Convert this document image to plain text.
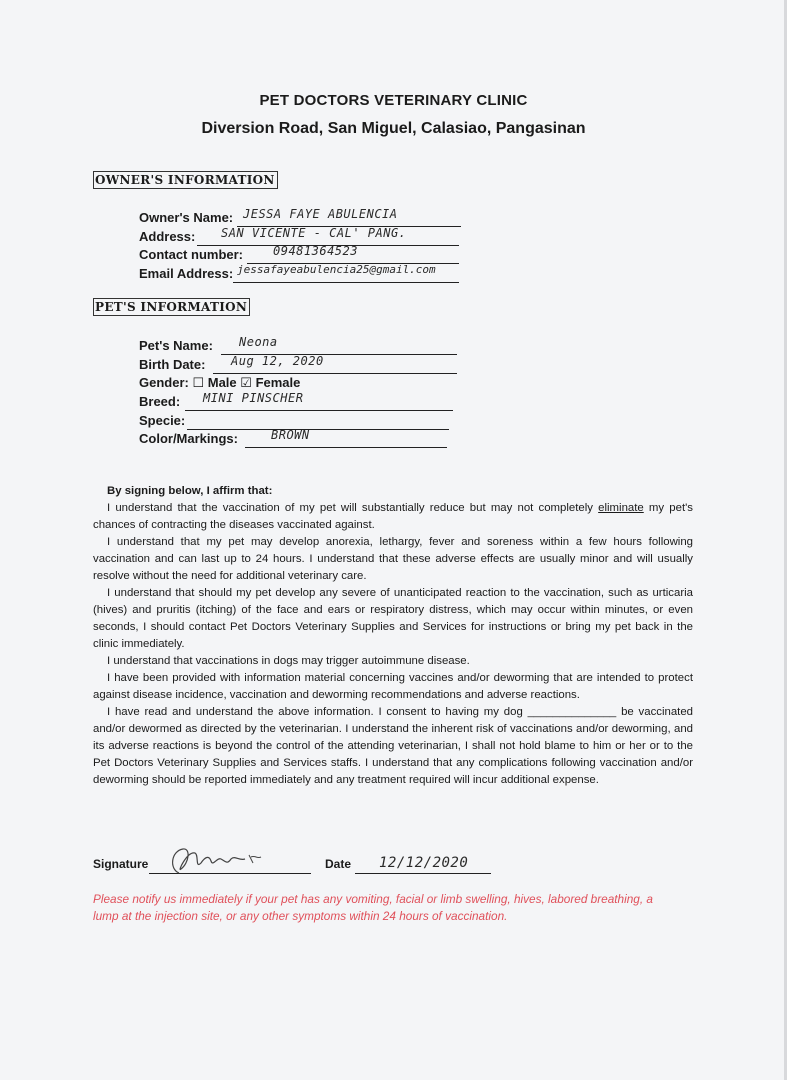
PET DOCTORS VETERINARY CLINIC
Diversion Road, San Miguel, Calasiao, Pangasinan
OWNER'S INFORMATION
Owner's Name: JESSA FAYE ABULENCIA
Address: SAN VICENTE - CAL' PANG.
Contact number:	09481364523
Email Address: jessafayeabulencia25@gmail.com
PET'S INFORMATION
Pet's Name: Neona
Birth Date: Aug 12, 2020
Gender: ☐ Male ☑ Female
Breed: MINI PINSCHER
Specie:
Color/Markings:	BROWN

By signing below, I affirm that:

I understand that the vaccination of my pet will substantially reduce but may not completely eliminate my pet's chances of contracting the diseases vaccinated against.

I understand that my pet may develop anorexia, lethargy, fever and soreness within a few hours following vaccination and can last up to 24 hours. I understand that these adverse effects are usually minor and will usually resolve without the need for additional veterinary care.

I understand that should my pet develop any severe of unanticipated reaction to the vaccination, such as urticaria (hives) and pruritis (itching) of the face and ears or respiratory distress, which may occur within minutes, or even seconds, I should contact Pet Doctors Veterinary Supplies and Services for instructions or bring my pet back in the clinic immediately.

I understand that vaccinations in dogs may trigger autoimmune disease.

I have been provided with information material concerning vaccines and/or deworming that are intended to protect against disease incidence, vaccination and deworming recommendations and adverse reactions.

I have read and understand the above information. I consent to having my dog ______________ be vaccinated and/or dewormed as directed by the veterinarian. I understand the inherent risk of vaccinations and/or deworming, and its adverse reactions is beyond the control of the attending veterinarian, I shall not hold blame to him or her or to the Pet Doctors Veterinary Supplies and Services staffs. I understand that any complications following vaccination and/or deworming should be reported immediately and any treatment required will incur additional expense.

Signature	Date 12/12/2020
Please notify us immediately if your pet has any vomiting, facial or limb swelling, hives, labored breathing, a lump at the injection site, or any other symptoms within 24 hours of vaccination.
